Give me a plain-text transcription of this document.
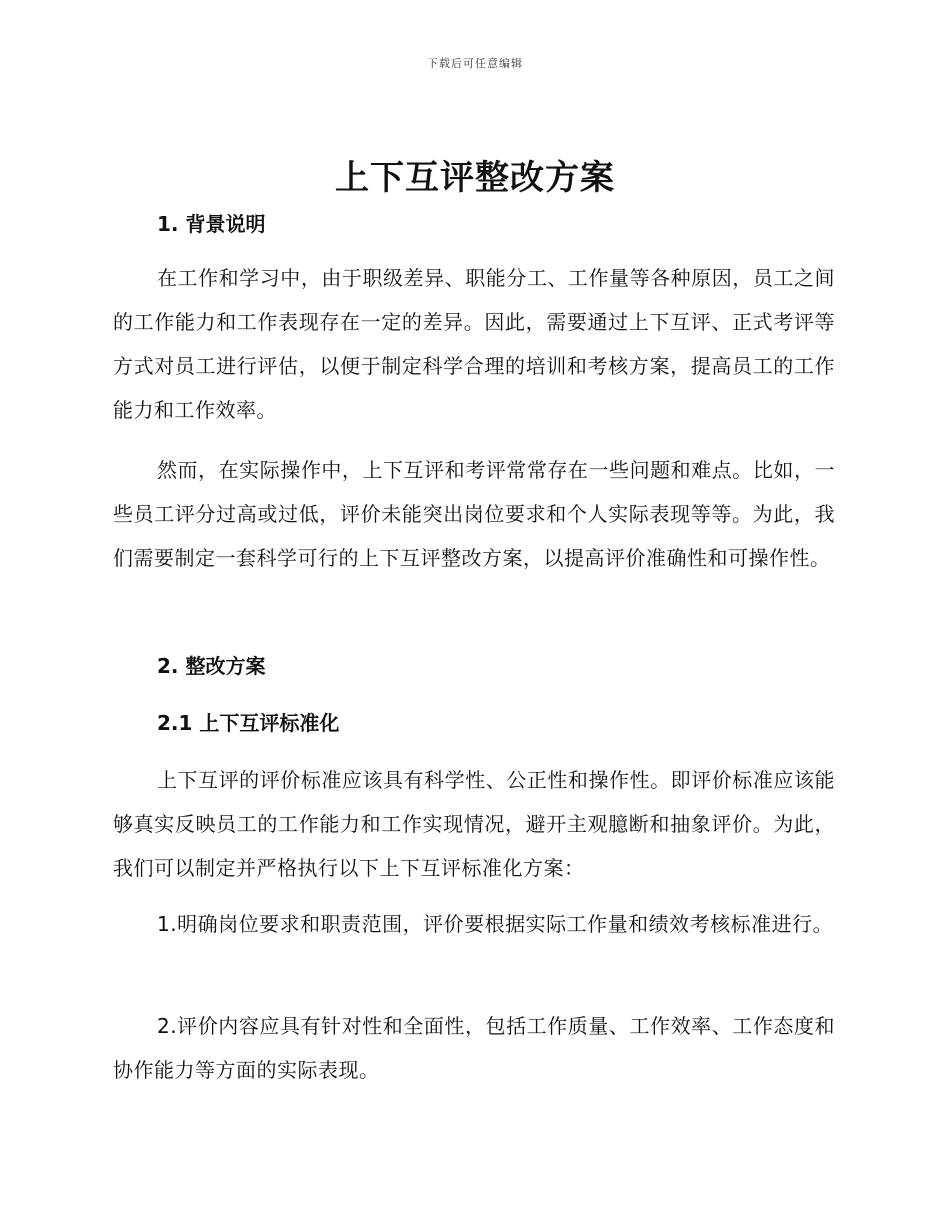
下载后可任意编辑
上下互评整改方案
1. 背景说明

在工作和学习中，由于职级差异、职能分工、工作量等各种原因，员工之间的工作能力和工作表现存在一定的差异。因此，需要通过上下互评、正式考评等方式对员工进行评估，以便于制定科学合理的培训和考核方案，提高员工的工作能力和工作效率。

然而，在实际操作中，上下互评和考评常常存在一些问题和难点。比如，一些员工评分过高或过低，评价未能突出岗位要求和个人实际表现等等。为此，我们需要制定一套科学可行的上下互评整改方案，以提高评价准确性和可操作性。

2. 整改方案
2.1 上下互评标准化

上下互评的评价标准应该具有科学性、公正性和操作性。即评价标准应该能够真实反映员工的工作能力和工作实现情况，避开主观臆断和抽象评价。为此，我们可以制定并严格执行以下上下互评标准化方案：

1.明确岗位要求和职责范围，评价要根据实际工作量和绩效考核标准进行。

2.评价内容应具有针对性和全面性，包括工作质量、工作效率、工作态度和协作能力等方面的实际表现。
